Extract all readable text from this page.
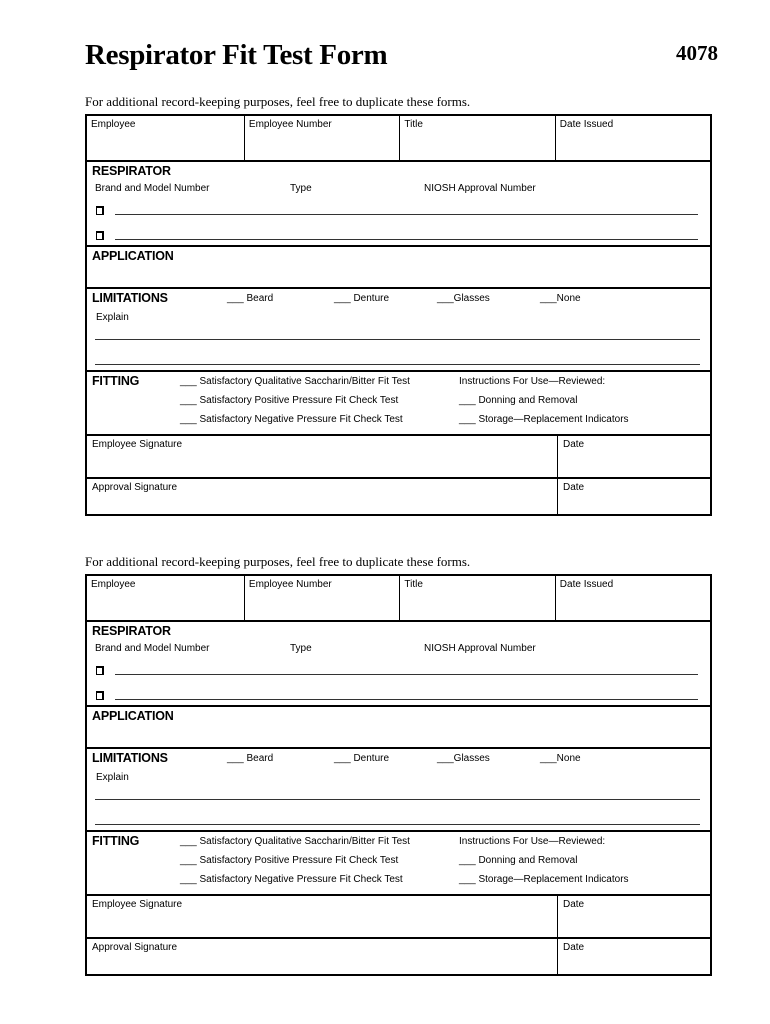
Respirator Fit Test Form	4078
For additional record-keeping purposes, feel free to duplicate these forms.
Employee	Employee Number	Title	Date Issued
RESPIRATOR
Brand and Model Number	Type	NIOSH Approval Number
APPLICATION
LIMITATIONS	___ Beard	___ Denture	___Glasses	___None
Explain
FITTING	___ Satisfactory Qualitative Saccharin/Bitter Fit Test	Instructions For Use—Reviewed:
___ Satisfactory Positive Pressure Fit Check Test	___ Donning and Removal
___ Satisfactory Negative Pressure Fit Check Test	___ Storage—Replacement Indicators
Employee Signature	Date
Approval Signature	Date
For additional record-keeping purposes, feel free to duplicate these forms.
Employee	Employee Number	Title	Date Issued
RESPIRATOR
Brand and Model Number	Type	NIOSH Approval Number
APPLICATION
LIMITATIONS	___ Beard	___ Denture	___Glasses	___None
Explain
FITTING	___ Satisfactory Qualitative Saccharin/Bitter Fit Test	Instructions For Use—Reviewed:
___ Satisfactory Positive Pressure Fit Check Test	___ Donning and Removal
___ Satisfactory Negative Pressure Fit Check Test	___ Storage—Replacement Indicators
Employee Signature	Date
Approval Signature	Date
